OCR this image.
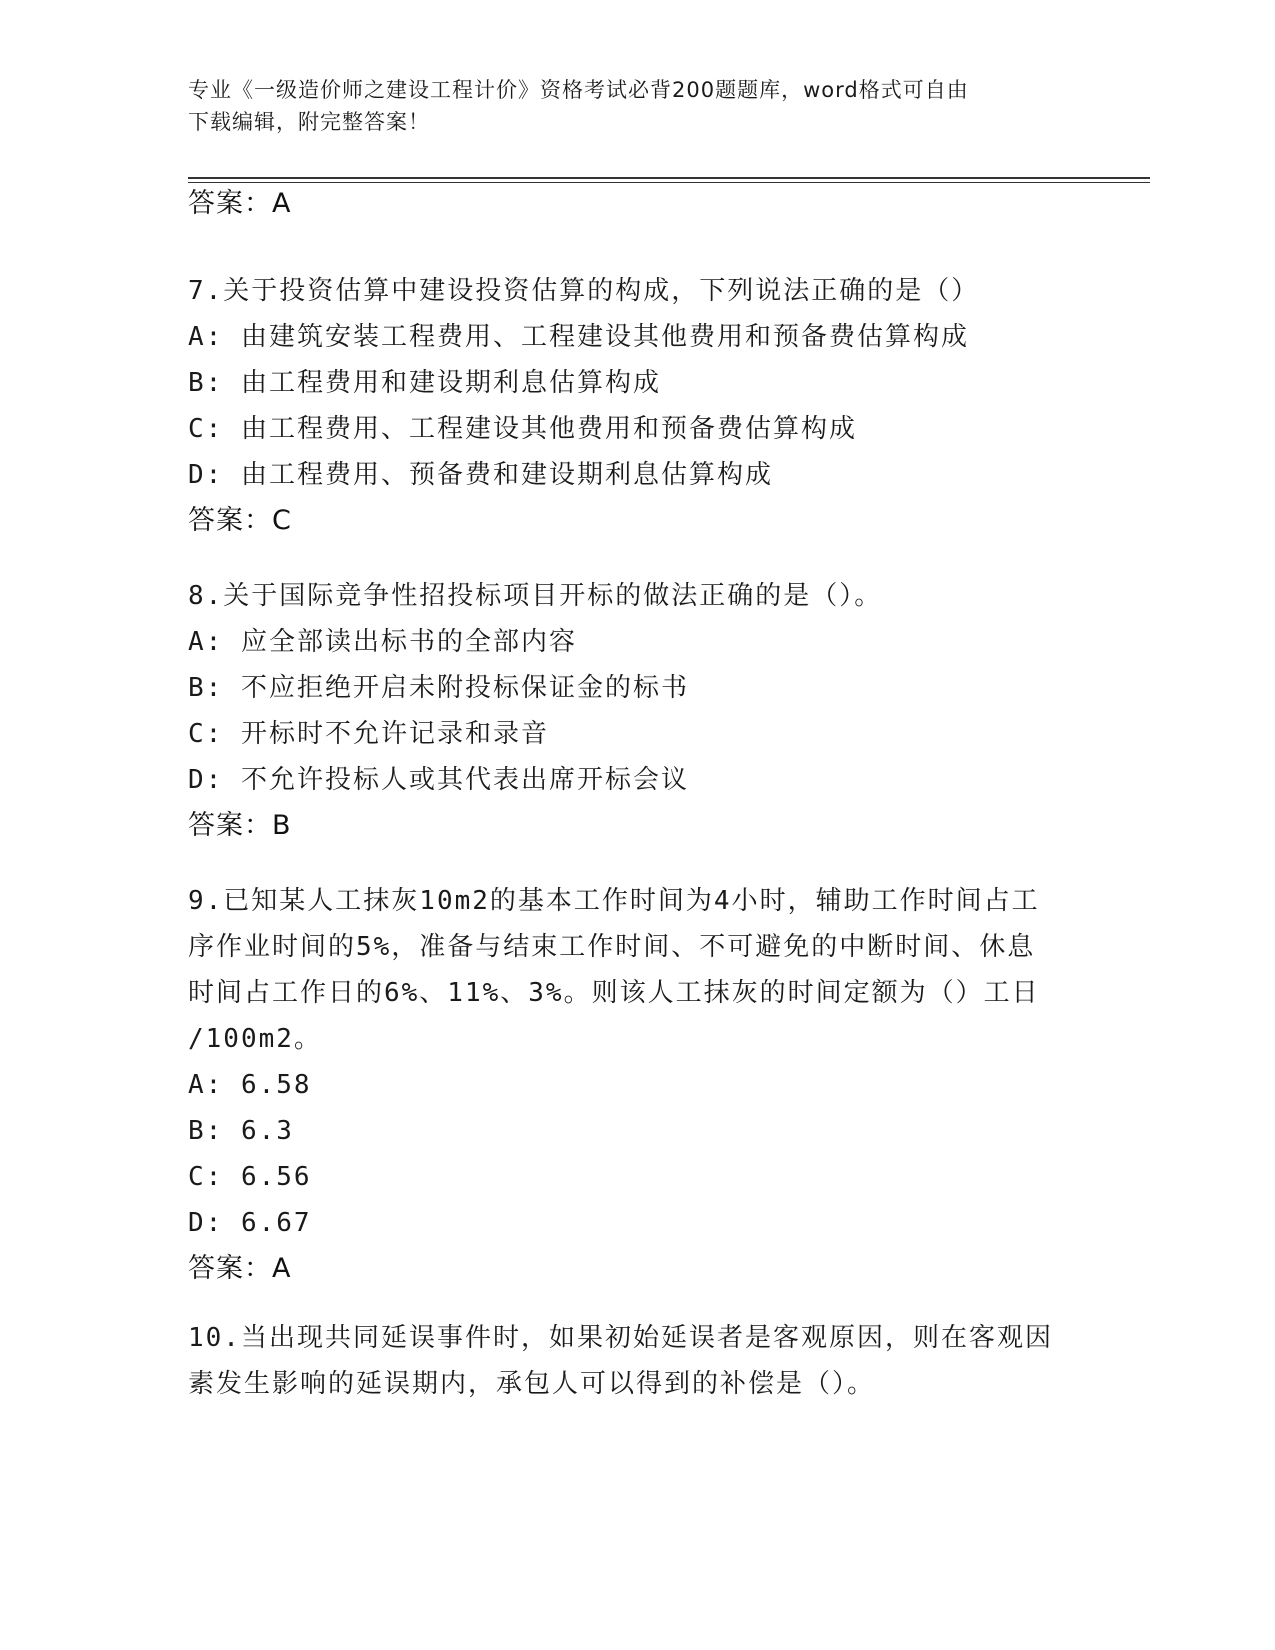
专业《一级造价师之建设工程计价》资格考试必背200题题库，word格式可自由
下载编辑，附完整答案！
答案：A
7.关于投资估算中建设投资估算的构成，下列说法正确的是（）
A: 由建筑安装工程费用、工程建设其他费用和预备费估算构成
B: 由工程费用和建设期利息估算构成
C: 由工程费用、工程建设其他费用和预备费估算构成
D: 由工程费用、预备费和建设期利息估算构成
答案：C
8.关于国际竞争性招投标项目开标的做法正确的是（）。
A: 应全部读出标书的全部内容
B: 不应拒绝开启未附投标保证金的标书
C: 开标时不允许记录和录音
D: 不允许投标人或其代表出席开标会议
答案：B
9.已知某人工抹灰10m2的基本工作时间为4小时，辅助工作时间占工
序作业时间的5%，准备与结束工作时间、不可避免的中断时间、休息
时间占工作日的6%、11%、3%。则该人工抹灰的时间定额为（）工日
/100m2。
A: 6.58
B: 6.3
C: 6.56
D: 6.67
答案：A
10.当出现共同延误事件时，如果初始延误者是客观原因，则在客观因
素发生影响的延误期内，承包人可以得到的补偿是（）。
